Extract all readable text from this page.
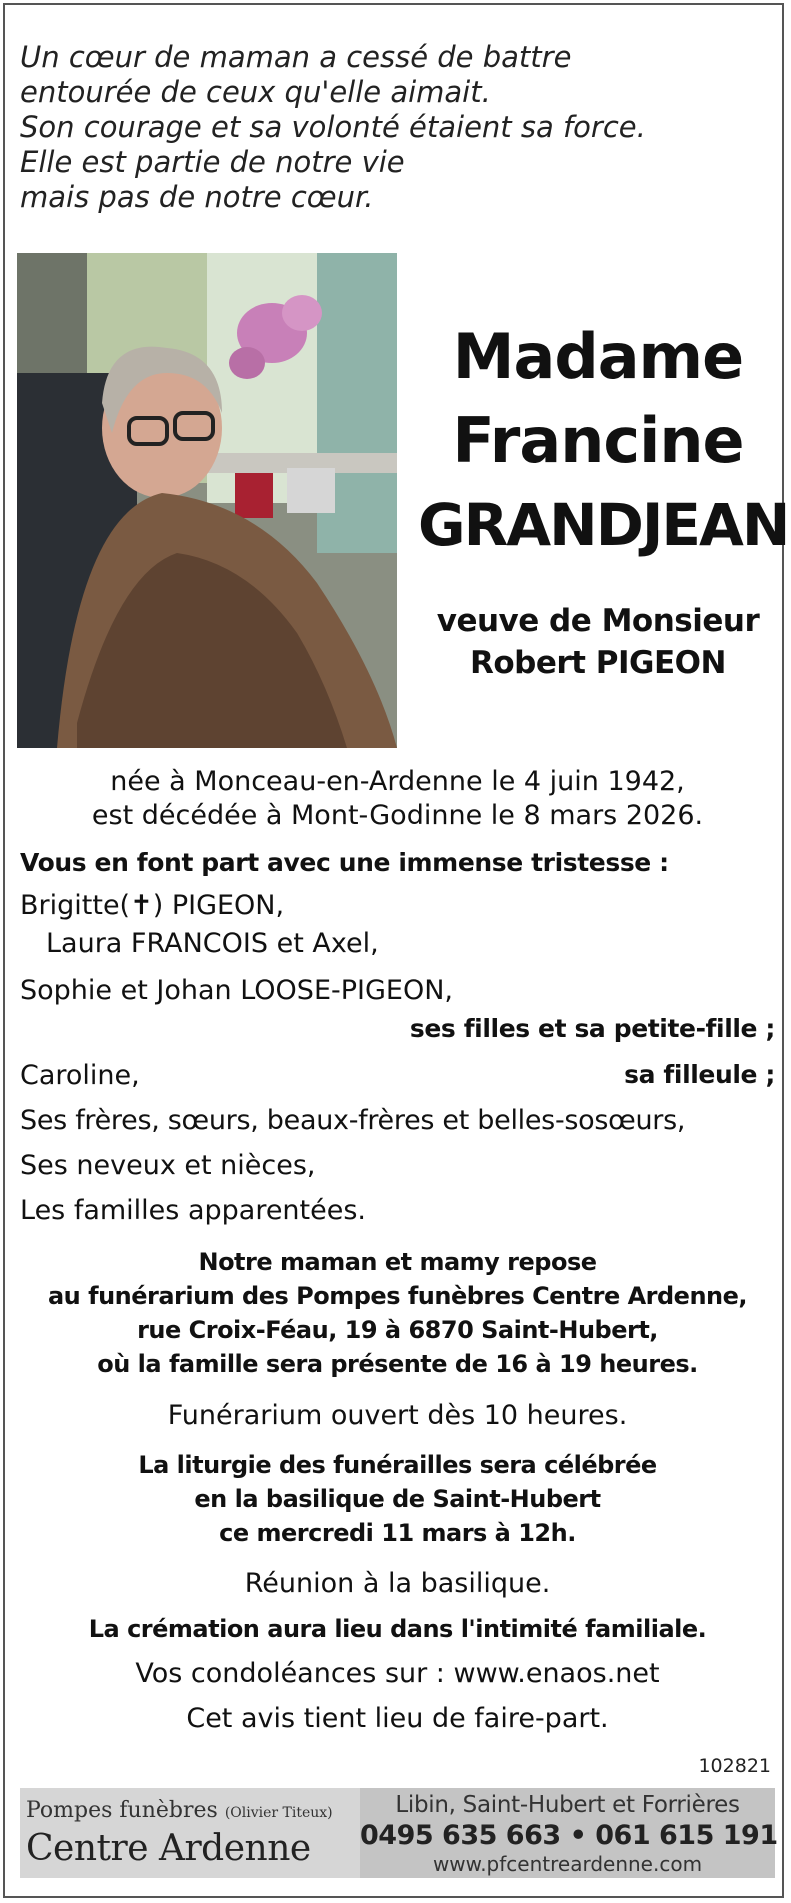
Un cœur de maman a cessé de battre
entourée de ceux qu'elle aimait.
Son courage et sa volonté étaient sa force.
Elle est partie de notre vie
mais pas de notre cœur.
Madame
Francine
GRANDJEAN
veuve de Monsieur
Robert PIGEON
née à Monceau-en-Ardenne le 4 juin 1942,
est décédée à Mont-Godinne le 8 mars 2026.
Vous en font part avec une immense tristesse :
Brigitte(✝) PIGEON,
Laura FRANCOIS et Axel,
Sophie et Johan LOOSE-PIGEON,
ses filles et sa petite-fille ;
Caroline,	sa filleule ;
Ses frères, sœurs, beaux-frères et belles-sosœurs,
Ses neveux et nièces,
Les familles apparentées.
Notre maman et mamy repose
au funérarium des Pompes funèbres Centre Ardenne,
rue Croix-Féau, 19 à 6870 Saint-Hubert,
où la famille sera présente de 16 à 19 heures.
Funérarium ouvert dès 10 heures.
La liturgie des funérailles sera célébrée
en la basilique de Saint-Hubert
ce mercredi 11 mars à 12h.
Réunion à la basilique.
La crémation aura lieu dans l'intimité familiale.
Vos condoléances sur : www.enaos.net
Cet avis tient lieu de faire-part.
102821
Pompes funèbres (Olivier Titeux)
Centre Ardenne
Libin, Saint-Hubert et Forrières
0495 635 663 • 061 615 191
www.pfcentreardenne.com
